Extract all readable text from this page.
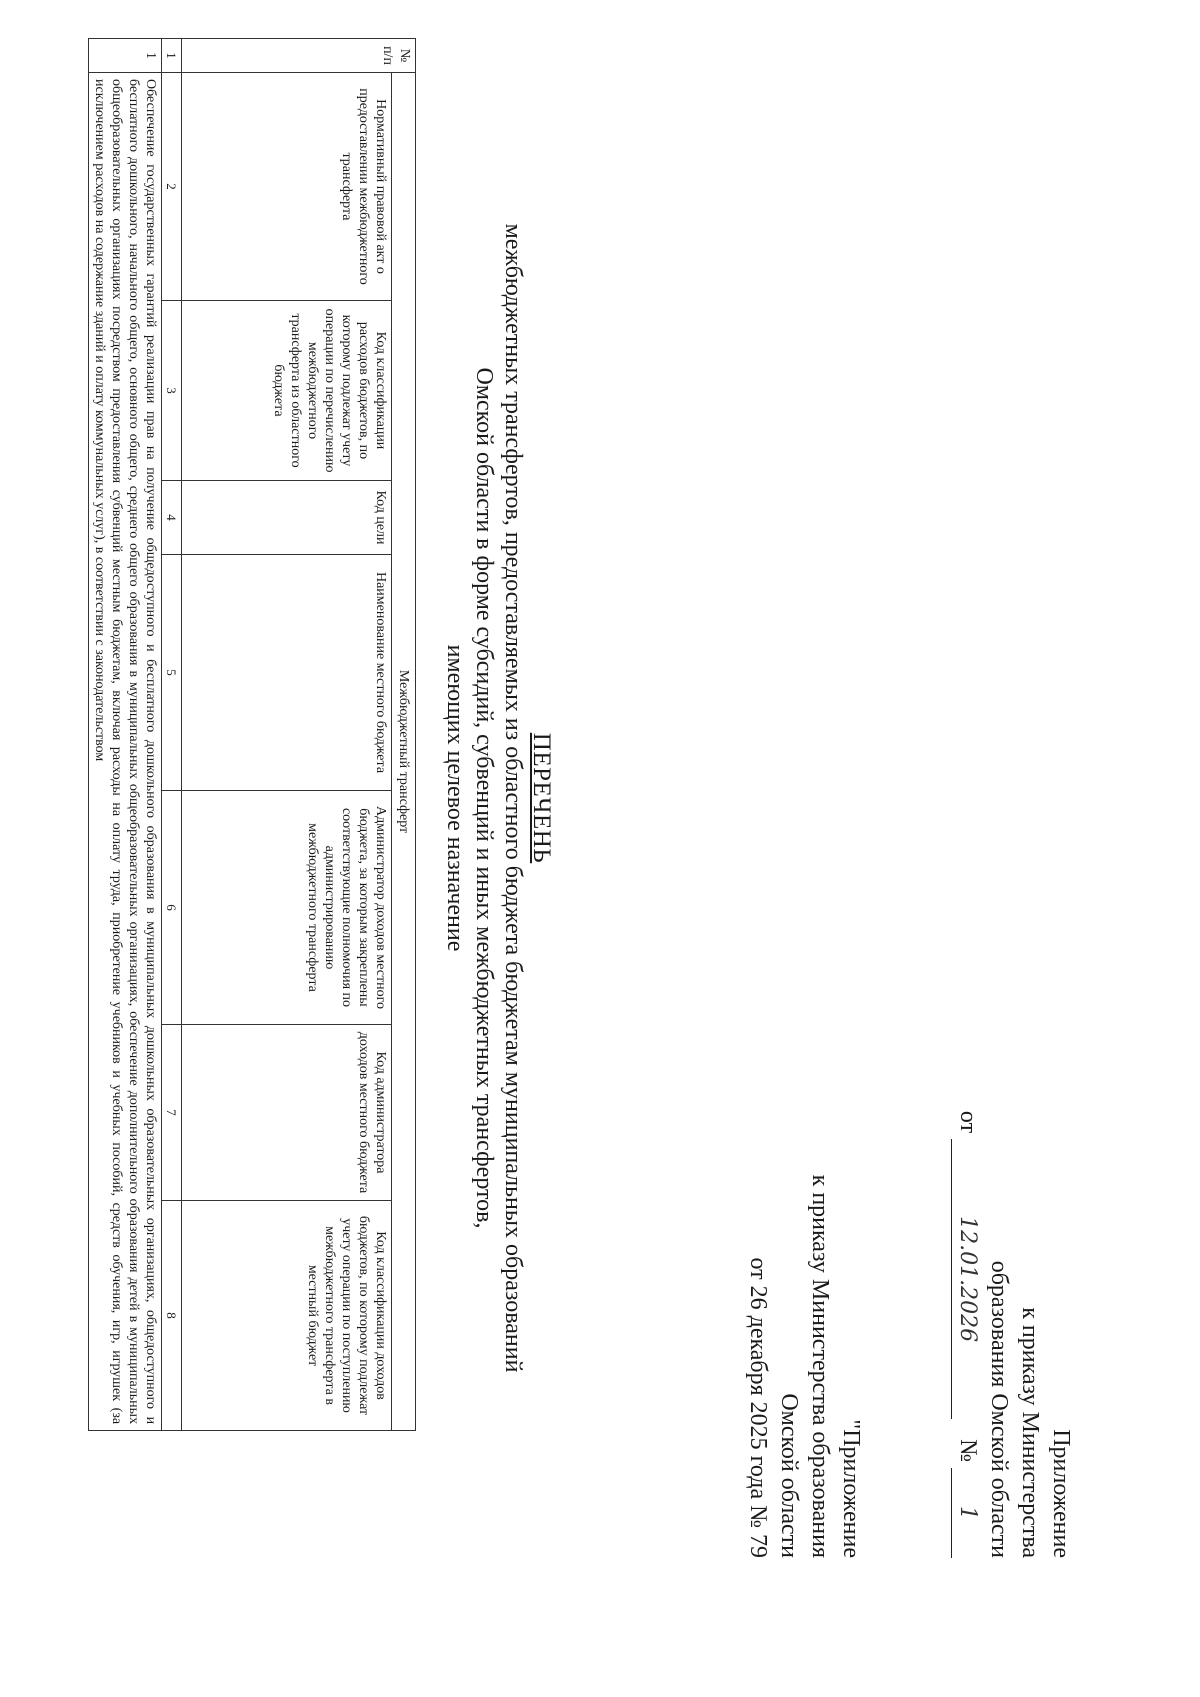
Приложение
к приказу Министерства
образования Омской области
от 12.01.2026 № 1
"Приложение
к приказу Министерства образования
Омской области
от 26 декабря 2025 года № 79
ПЕРЕЧЕНЬ
межбюджетных трансфертов, предоставляемых из областного бюджета бюджетам муниципальных образований
Омской области в форме субсидий, субвенций и иных межбюджетных трансфертов,
имеющих целевое назначение
№ п/п	Межбюджетный трансферт						
	Нормативный правовой акт о предоставлении межбюджетного трансферта	Код классификации расходов бюджетов, по которому подлежат учету операции по перечислению межбюджетного трансферта из областного бюджета	Код цели	Наименование местного бюджета	Администратор доходов местного бюджета, за которым закреплены соответствующие полномочия по администрированию межбюджетного трансферта	Код администратора доходов местного бюджета	Код классификации доходов бюджетов, по которому подлежат учету операции по поступлению межбюджетного трансферта в местный бюджет
1	2	3	4	5	6	7	8
1	Обеспечение государственных гарантий реализации прав на получение общедоступного и бесплатного дошкольного образования в муниципальных дошкольных образовательных организациях, общедоступного и бесплатного дошкольного, начального общего, основного общего, среднего общего образования в муниципальных общеобразовательных организациях, обеспечение дополнительного образования детей в муниципальных общеобразовательных организациях посредством предоставления субвенций местным бюджетам, включая расходы на оплату труда, приобретение учебников и учебных пособий, средств обучения, игр, игрушек (за исключением расходов на содержание зданий и оплату коммунальных услуг), в соответствии с законодательством						
